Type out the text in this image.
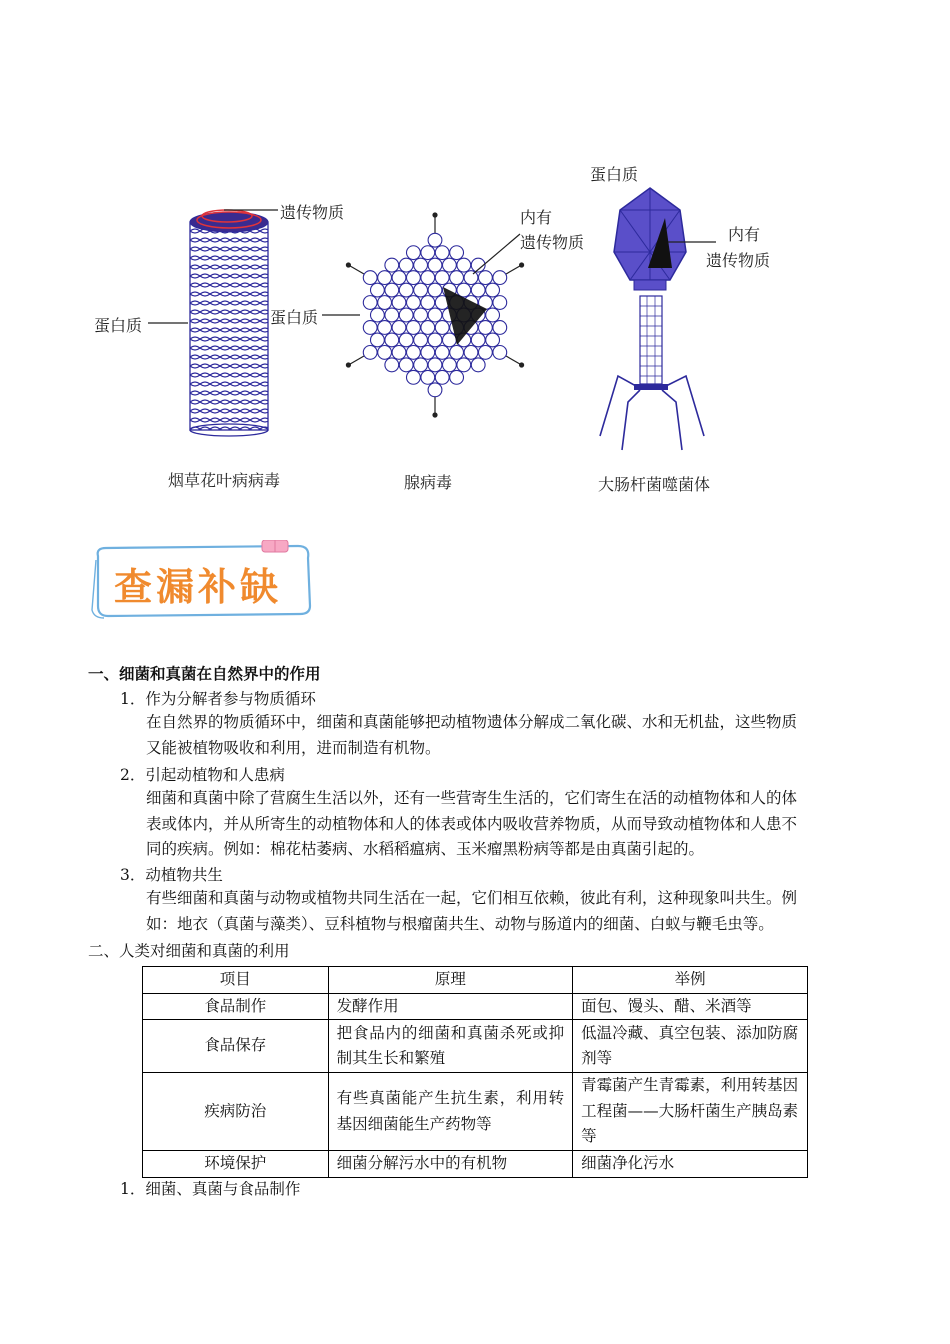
遗传物质
蛋白质
烟草花叶病病毒
蛋白质
内有
遗传物质
腺病毒
蛋白质
内有
遗传物质
大肠杆菌噬菌体
查漏补缺
一、细菌和真菌在自然界中的作用
1．作为分解者参与物质循环
在自然界的物质循环中，细菌和真菌能够把动植物遗体分解成二氧化碳、水和无机盐，这些物质
又能被植物吸收和利用，进而制造有机物。
2．引起动植物和人患病
细菌和真菌中除了营腐生生活以外，还有一些营寄生生活的，它们寄生在活的动植物体和人的体
表或体内，并从所寄生的动植物体和人的体表或体内吸收营养物质，从而导致动植物体和人患不
同的疾病。例如：棉花枯萎病、水稻稻瘟病、玉米瘤黑粉病等都是由真菌引起的。
3．动植物共生
有些细菌和真菌与动物或植物共同生活在一起，它们相互依赖，彼此有利，这种现象叫共生。例
如：地衣（真菌与藻类）、豆科植物与根瘤菌共生、动物与肠道内的细菌、白蚁与鞭毛虫等。
二、人类对细菌和真菌的利用
项目	原理	举例
食品制作	发酵作用	面包、馒头、醋、米酒等
食品保存	把食品内的细菌和真菌杀死或抑制其生长和繁殖	低温冷藏、真空包装、添加防腐剂等
疾病防治	有些真菌能产生抗生素，利用转基因细菌能生产药物等	青霉菌产生青霉素，利用转基因工程菌——大肠杆菌生产胰岛素等
环境保护	细菌分解污水中的有机物	细菌净化污水
1．细菌、真菌与食品制作
